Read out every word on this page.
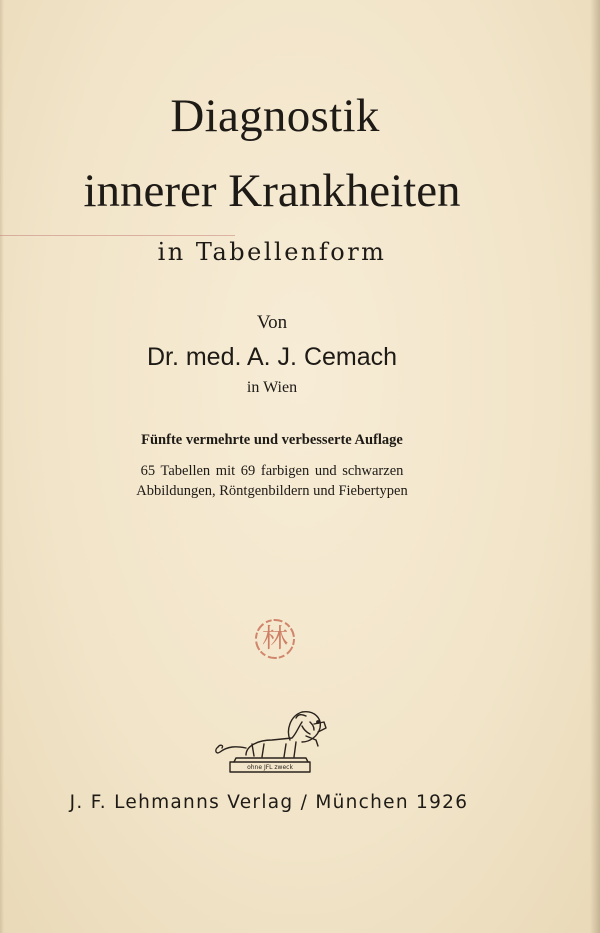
Diagnostik
innerer Krankheiten
in Tabellenform
Von
Dr. med. A. J. Cemach
in Wien
Fünfte vermehrte und verbesserte Auflage
65 Tabellen mit 69 farbigen und schwarzen
Abbildungen, Röntgenbildern und Fiebertypen
林
ohne JFL zweck
J. F. Lehmanns Verlag / München 1926
